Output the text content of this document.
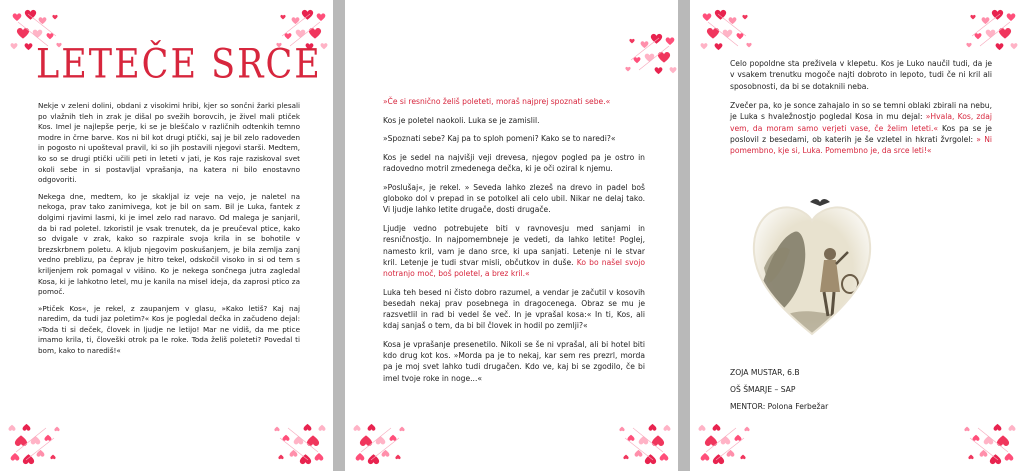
LETEČE SRCE

Nekje v zeleni dolini, obdani z visokimi hribi, kjer so sončni žarki plesali po vlažnih tleh in zrak je dišal po svežih borovcih, je živel mali ptiček Kos. Imel je najlepše perje, ki se je bleščalo v različnih odtenkih temno modre in črne barve. Kos ni bil kot drugi ptički, saj je bil zelo radoveden in pogosto ni upošteval pravil, ki so jih postavili njegovi starši. Medtem, ko so se drugi ptički učili peti in leteti v jati, je Kos raje raziskoval svet okoli sebe in si postavljal vprašanja, na katera ni bilo enostavno odgovoriti.

Nekega dne, medtem, ko je skakljal iz veje na vejo, je naletel na nekoga, prav tako zanimivega, kot je bil on sam. Bil je Luka, fantek z dolgimi rjavimi lasmi, ki je imel zelo rad naravo. Od malega je sanjaril, da bi rad poletel. Izkoristil je vsak trenutek, da je preučeval ptice, kako so dvigale v zrak, kako so razpirale svoja krila in se bohotile v brezskrbnem poletu. A kljub njegovim poskušanjem, je bila zemlja zanj vedno preblizu, pa čeprav je hitro tekel, odskočil visoko in si od tem s kriljenjem rok pomagal v višino. Ko je nekega sončnega jutra zagledal Kosa, ki je lahkotno letel, mu je kanila na misel ideja, da zaprosi ptico za pomoč.

»Ptiček Kos«, je rekel, z zaupanjem v glasu, »Kako letiš? Kaj naj naredim, da tudi jaz poletim?« Kos je pogledal dečka in začudeno dejal: »Toda ti si deček, človek in ljudje ne letijo! Mar ne vidiš, da me ptice imamo krila, ti, človeški otrok pa le roke. Toda želiš poleteti? Povedal ti bom, kako to narediš!«

»Če si resnično želiš poleteti, moraš najprej spoznati sebe.«

Kos je poletel naokoli. Luka se je zamislil.

»Spoznati sebe? Kaj pa to sploh pomeni? Kako se to naredi?«

Kos je sedel na najvišji veji drevesa, njegov pogled pa je ostro in radovedno motril zmedenega dečka, ki je oči oziral k njemu.

»Poslušaj«, je rekel. » Seveda lahko zlezeš na drevo in padel boš globoko dol v prepad in se potolkel ali celo ubil. Nikar ne delaj tako. Vi ljudje lahko letite drugače, dosti drugače.

Ljudje vedno potrebujete biti v ravnovesju med sanjami in resničnostjo. In najpomembneje je vedeti, da lahko letite! Poglej, namesto kril, vam je dano srce, ki upa sanjati. Letenje ni le stvar kril. Letenje je tudi stvar misli, občutkov in duše. Ko bo našel svojo notranjo moč, boš poletel, a brez kril.«

Luka teh besed ni čisto dobro razumel, a vendar je začutil v kosovih besedah nekaj prav posebnega in dragocenega. Obraz se mu je razsvetlil in rad bi vedel še več. In je vprašal kosa:« In ti, Kos, ali kdaj sanjaš o tem, da bi bil človek in hodil po zemlji?«

Kosa je vprašanje presenetilo. Nikoli se še ni vprašal, ali bi hotel biti kdo drug kot kos. »Morda pa je to nekaj, kar sem res prezrl, morda pa je moj svet lahko tudi drugačen. Kdo ve, kaj bi se zgodilo, če bi imel tvoje roke in noge...«

Celo popoldne sta preživela v klepetu. Kos je Luko naučil tudi, da je v vsakem trenutku mogoče najti dobroto in lepoto, tudi če ni kril ali sposobnosti, da bi se dotaknili neba.

Zvečer pa, ko je sonce zahajalo in so se temni oblaki zbirali na nebu, je Luka s hvaležnostjo pogledal Kosa in mu dejal: »Hvala, Kos, zdaj vem, da moram samo verjeti vase, če želim leteti.« Kos pa se je poslovil z besedami, ob katerih je še vzletel in hkrati žvrgolel: » Ni pomembno, kje si, Luka. Pomembno je, da srce leti!«

ZOJA MUSTAR, 6.B
OŠ ŠMARJE – SAP
MENTOR: Polona Ferbežar
